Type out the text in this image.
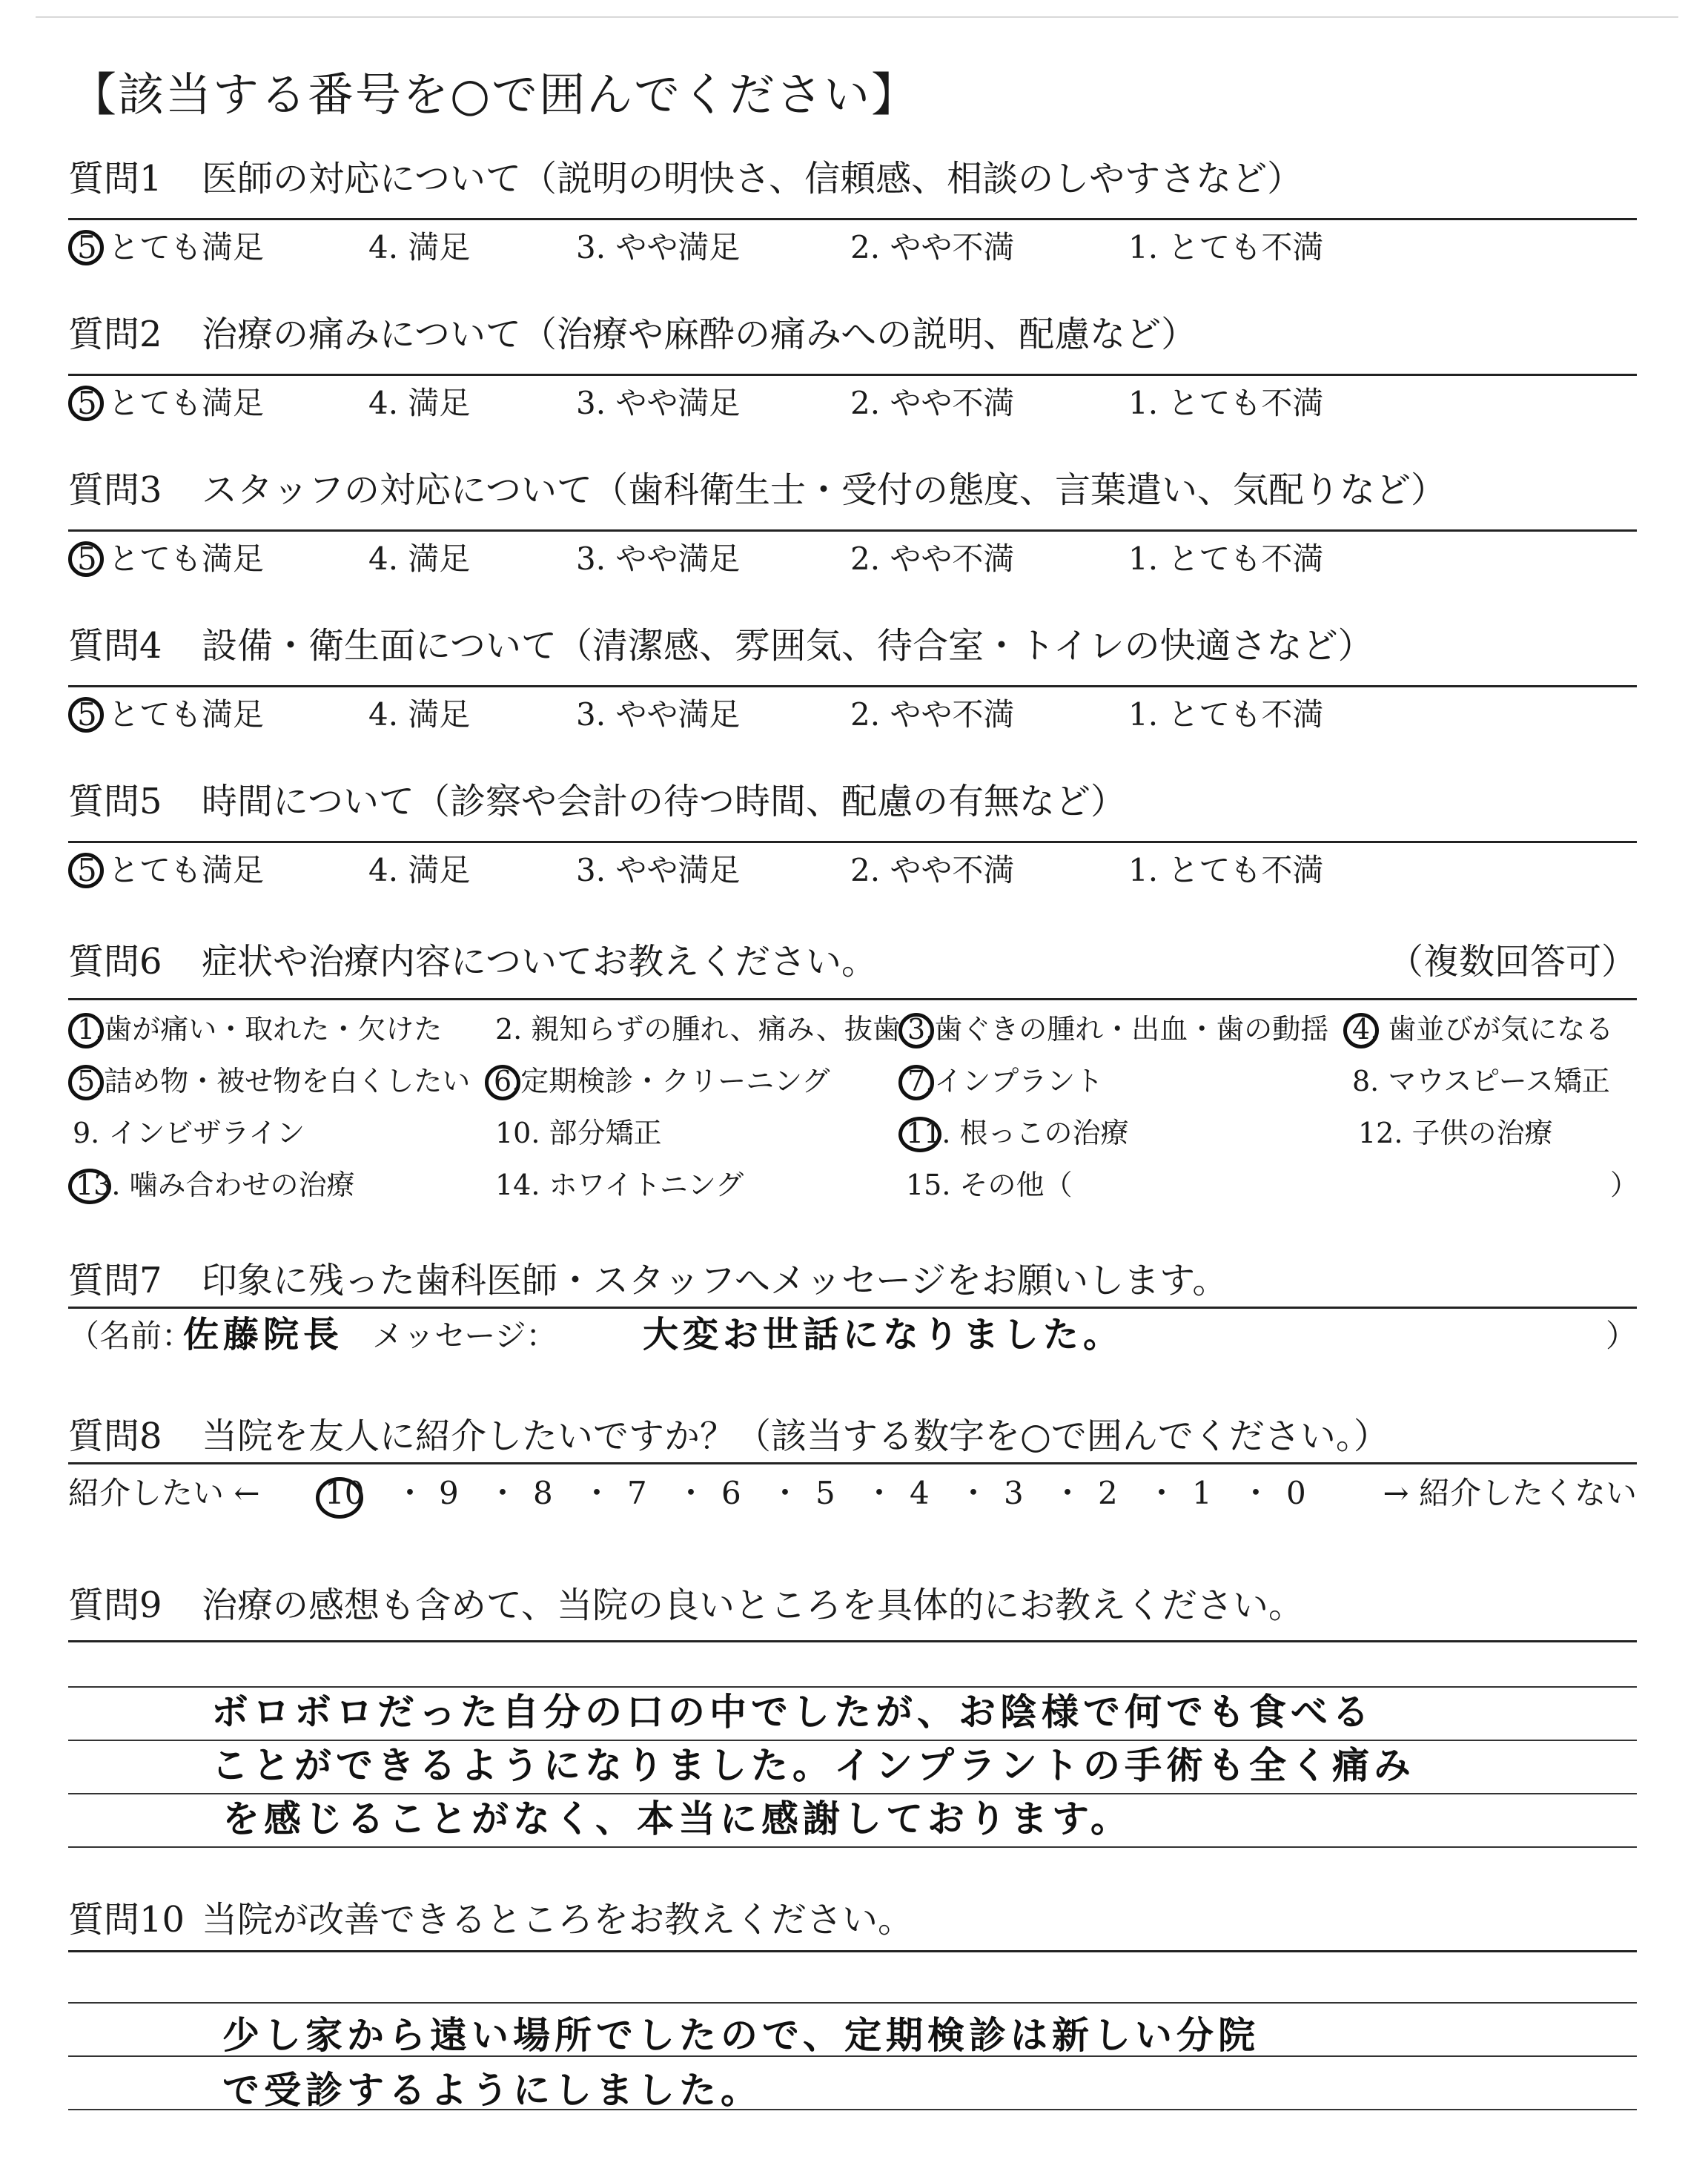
【該当する番号を○で囲んでください】
質問1 医師の対応について（説明の明快さ、信頼感、相談のしやすさなど）
5 とても満足	4. 満足	3. やや満足	2. やや不満	1. とても不満
質問2 治療の痛みについて（治療や麻酔の痛みへの説明、配慮など）
5 とても満足	4. 満足	3. やや満足	2. やや不満	1. とても不満
質問3 スタッフの対応について（歯科衛生士・受付の態度、言葉遣い、気配りなど）
5 とても満足	4. 満足	3. やや満足	2. やや不満	1. とても不満
質問4 設備・衛生面について（清潔感、雰囲気、待合室・トイレの快適さなど）
5 とても満足	4. 満足	3. やや満足	2. やや不満	1. とても不満
質問5 時間について（診察や会計の待つ時間、配慮の有無など）
5 とても満足	4. 満足	3. やや満足	2. やや不満	1. とても不満
質問6 症状や治療内容についてお教えください。	（複数回答可）
1.歯が痛い・取れた・欠けた 2. 親知らずの腫れ、痛み、抜歯 3.歯ぐきの腫れ・出血・歯の動揺 4. 歯並びが気になる
5.詰め物・被せ物を白くしたい 6.定期検診・クリーニング	7.インプラント	8. マウスピース矯正
9. インビザライン	10. 部分矯正	11. 根っこの治療	12. 子供の治療
13. 噛み合わせの治療	14. ホワイトニング	15. その他（	）
質問7 印象に残った歯科医師・スタッフへメッセージをお願いします。
（名前：
佐藤院長 メッセージ： 大変お世話になりました。	）
質問8 当院を友人に紹介したいですか？（該当する数字を○で囲んでください。）
紹介したい ← 10 ・ 9 ・ 8 ・ 7 ・ 6 ・ 5 ・ 4 ・ 3 ・ 2 ・ 1 ・ 0 → 紹介したくない
質問9 治療の感想も含めて、当院の良いところを具体的にお教えください。
ボロボロだった自分の口の中でしたが、お陰様で何でも食べる
ことができるようになりました。インプラントの手術も全く痛み
を感じることがなく、本当に感謝しております。
質問10 当院が改善できるところをお教えください。
少し家から遠い場所でしたので、定期検診は新しい分院
で受診するようにしました。
